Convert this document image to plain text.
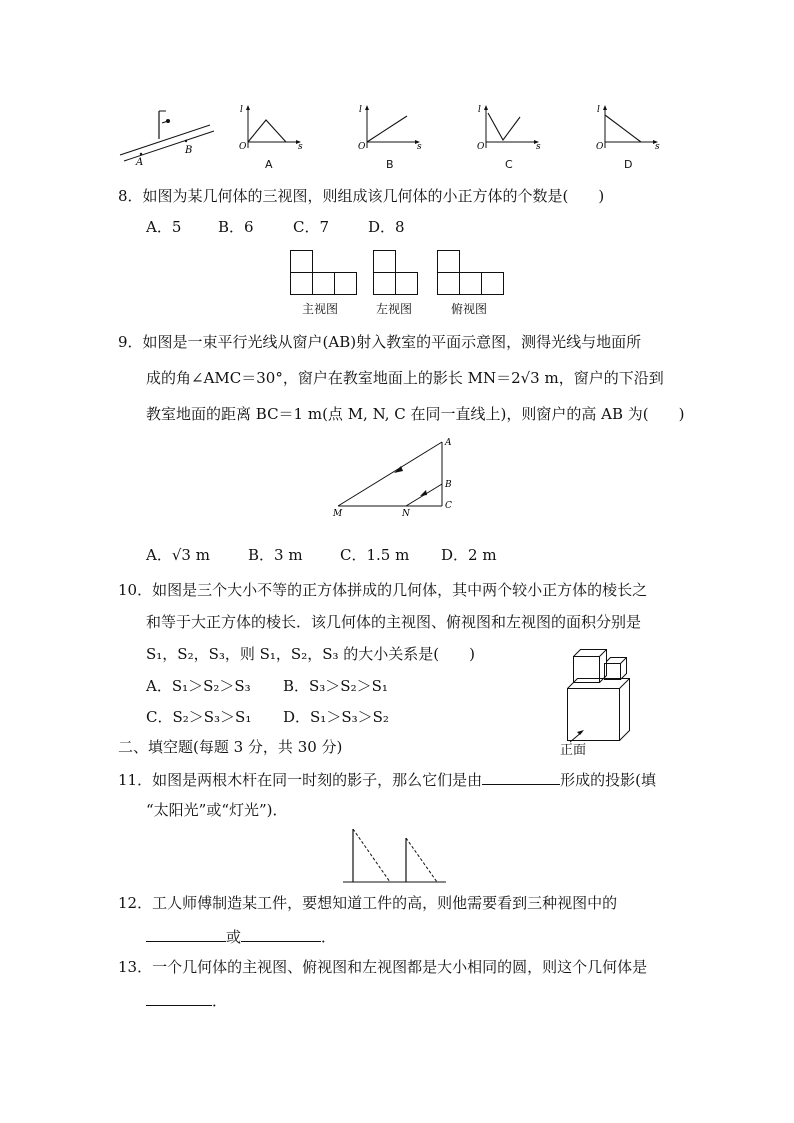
A
B
l
O	s
A
l
O	s
B
l
O	s
C
l
O	s
D
8．如图为某几何体的三视图，则组成该几何体的小正方体的个数是(　　)
A．5 B．6	C．7	D．8
主视图	左视图	俯视图
9．如图是一束平行光线从窗户(AB)射入教室的平面示意图，测得光线与地面所
成的角∠AMC＝30°，窗户在教室地面上的影长 MN＝2√3 m，窗户的下沿到
教室地面的距离 BC＝1 m(点 M, N, C 在同一直线上)，则窗户的高 AB 为(　　)
A
B
C
M	N
A．√3 m	B．3 m C．1.5 m D．2 m
10．如图是三个大小不等的正方体拼成的几何体，其中两个较小正方体的棱长之
和等于大正方体的棱长．该几何体的主视图、俯视图和左视图的面积分别是
S₁，S₂，S₃，则 S₁，S₂，S₃ 的大小关系是(　　)
A．S₁＞S₂＞S₃ B．S₃＞S₂＞S₁
C．S₂＞S₃＞S₁ D．S₁＞S₃＞S₂
正面
二、填空题(每题 3 分，共 30 分)
11．如图是两根木杆在同一时刻的影子，那么它们是由	形成的投影(填
“太阳光”或“灯光”)．
12．工人师傅制造某工件，要想知道工件的高，则他需要看到三种视图中的
或	．
13．一个几何体的主视图、俯视图和左视图都是大小相同的圆，则这个几何体是
．
